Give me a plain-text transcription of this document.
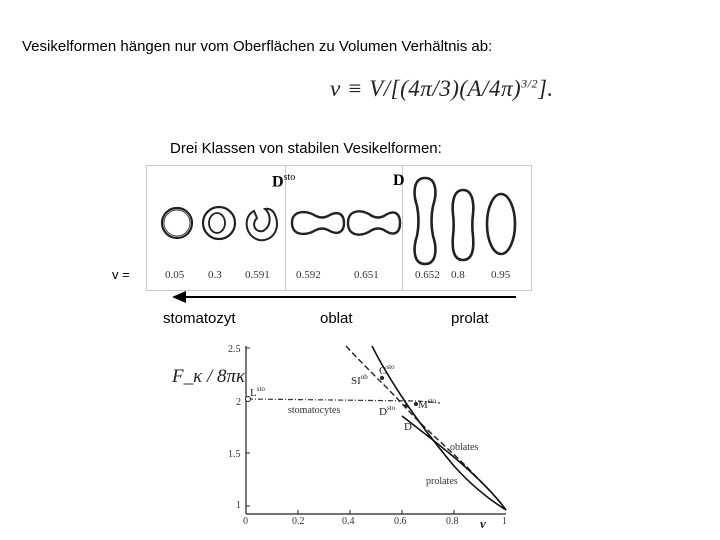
Vesikelformen hängen nur vom Oberflächen zu Volumen Verhältnis ab:
$v \equiv V/[(4\pi/3)(A/4\pi)^{3/2}]$.
Drei Klassen von stabilen Vesikelformen:
v =	0.05 0.3 0.591
$D^{sto}$
0.592	0.651
D
0.652 0.8 0.95
stomatozyt	oblat	prolat
F_κ / 8πκ
2.5
2
1.5
1
0	0.2	0.4	0.6	0.8	1
v
$L^{sto}$
$SI^{ob}$ $C^{sto}$
$M^{sto}$
$D^{sto}$
D
stomatocytes
oblates
prolates
